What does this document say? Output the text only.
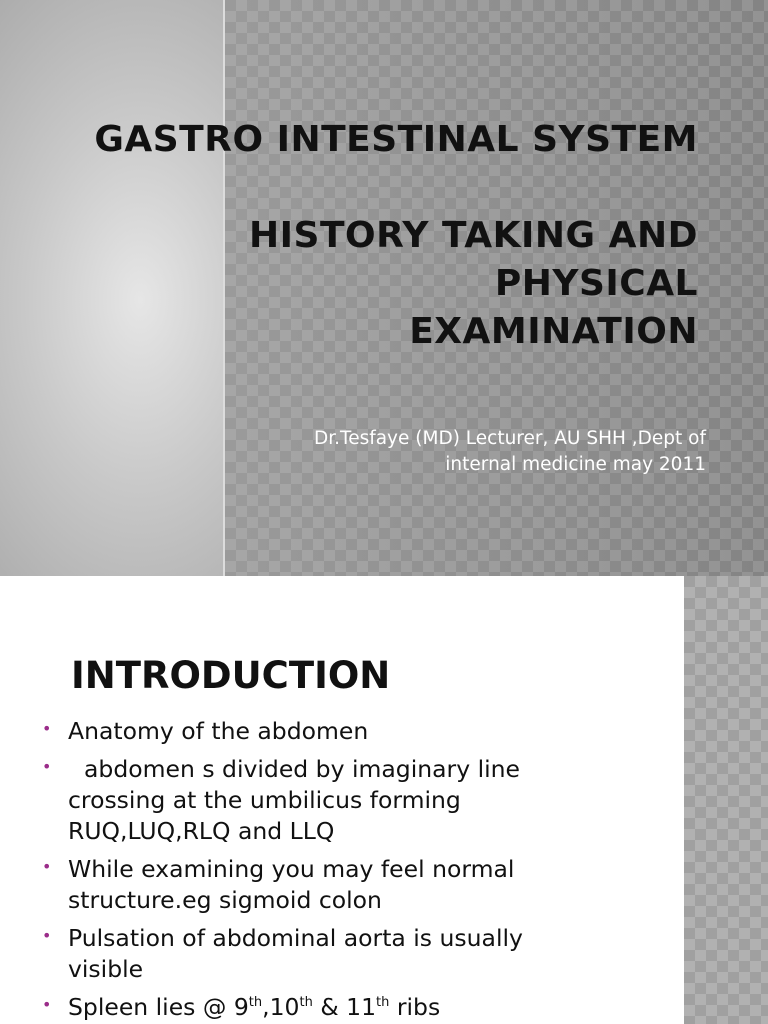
GASTRO INTESTINAL SYSTEM
HISTORY TAKING AND PHYSICAL EXAMINATION

Dr.Tesfaye (MD) Lecturer, AU SHH ,Dept of internal medicine may 2011

INTRODUCTION
• Anatomy of the abdomen
• abdomen s divided by imaginary line crossing at the umbilicus forming RUQ,LUQ,RLQ and LLQ
• While examining you may feel normal structure.eg sigmoid colon
• Pulsation of abdominal aorta is usually visible
• Spleen lies @ 9th,10th & 11th ribs
